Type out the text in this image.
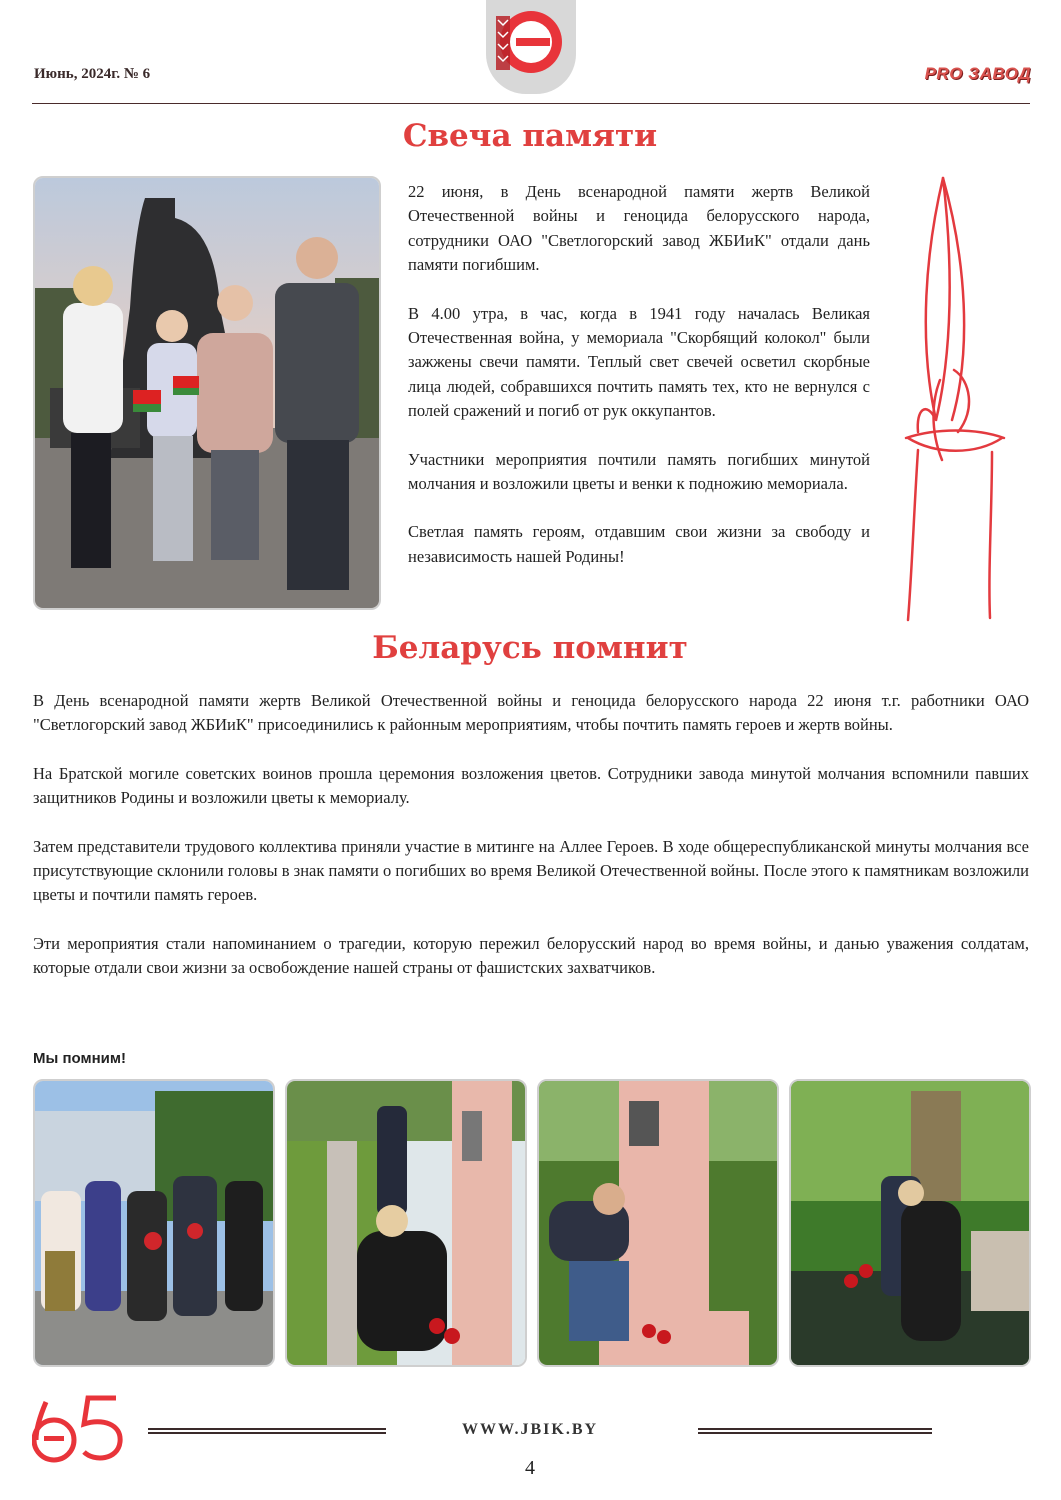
Июнь, 2024г. № 6	PRO ЗАВОД
Свеча памяти

22 июня, в День всенародной памяти жертв Великой Отечественной войны и геноцида белорусского народа, сотрудники ОАО "Светлогорский завод ЖБИиК" отдали дань памяти погибшим.

В 4.00 утра, в час, когда в 1941 году началась Великая Отечественная война, у мемориала "Скорбящий колокол" были зажжены свечи памяти. Теплый свет свечей осветил скорбные лица людей, собравшихся почтить память тех, кто не вернулся с полей сражений и погиб от рук оккупантов.

Участники мероприятия почтили память погибших минутой молчания и возложили цветы и венки к подножию мемориала.

Светлая память героям, отдавшим свои жизни за свободу и независимость нашей Родины!

Беларусь помнит

В День всенародной памяти жертв Великой Отечественной войны и геноцида белорусского народа 22 июня т.г. работники ОАО "Светлогорский завод ЖБИиК" присоединились к районным мероприятиям, чтобы почтить память героев и жертв войны.

На Братской могиле советских воинов прошла церемония возложения цветов. Сотрудники завода минутой молчания вспомнили павших защитников Родины и возложили цветы к мемориалу.

Затем представители трудового коллектива приняли участие в митинге на Аллее Героев. В ходе общереспубликанской минуты молчания все присутствующие склонили головы в знак памяти о погибших во время Великой Отечественной войны. После этого к памятникам возложили цветы и почтили память героев.

Эти мероприятия стали напоминанием о трагедии, которую пережил белорусский народ во время войны, и данью уважения солдатам, которые отдали свои жизни за освобождение нашей страны от фашистских захватчиков.

Мы помним!
WWW.JBIK.BY
4
